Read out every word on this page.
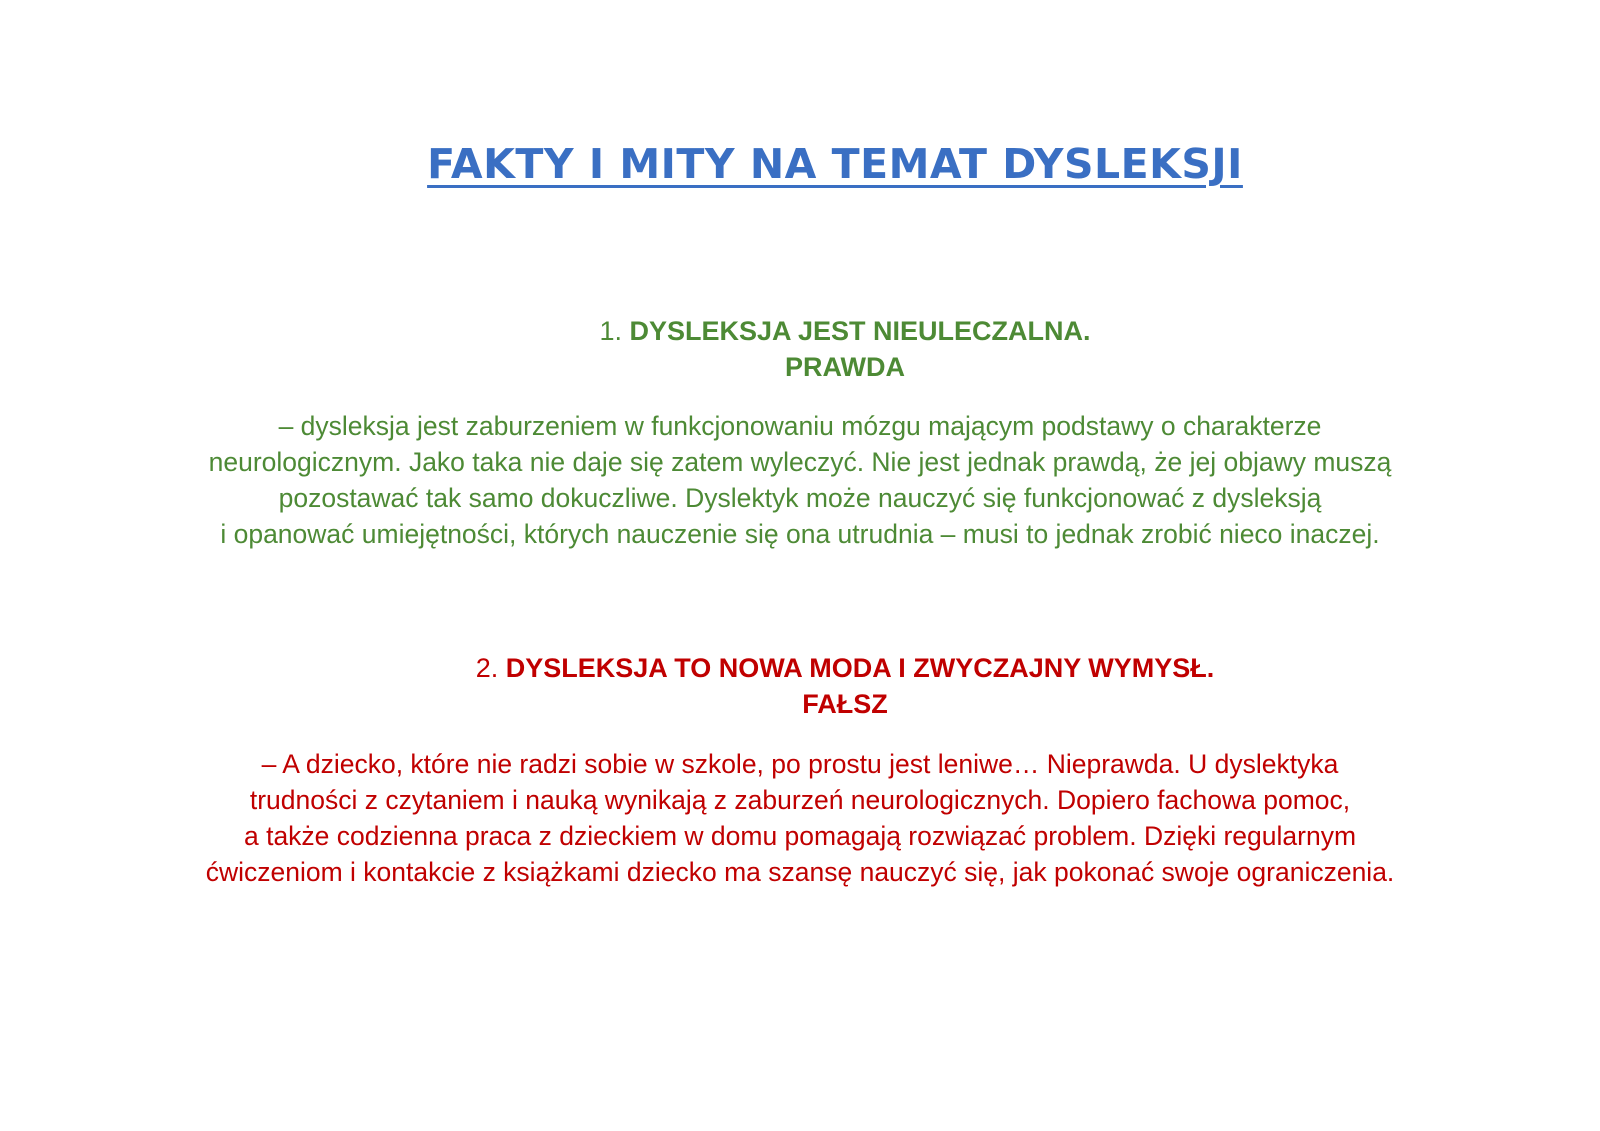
FAKTY I MITY NA TEMAT DYSLEKSJI
1. DYSLEKSJA JEST NIEULECZALNA.
PRAWDA
– dysleksja jest zaburzeniem w funkcjonowaniu mózgu mającym podstawy o charakterze
neurologicznym. Jako taka nie daje się zatem wyleczyć. Nie jest jednak prawdą, że jej objawy muszą
pozostawać tak samo dokuczliwe. Dyslektyk może nauczyć się funkcjonować z dysleksją
i opanować umiejętności, których nauczenie się ona utrudnia – musi to jednak zrobić nieco inaczej.
2. DYSLEKSJA TO NOWA MODA I ZWYCZAJNY WYMYSŁ.
FAŁSZ
– A dziecko, które nie radzi sobie w szkole, po prostu jest leniwe… Nieprawda. U dyslektyka
trudności z czytaniem i nauką wynikają z zaburzeń neurologicznych. Dopiero fachowa pomoc,
a także codzienna praca z dzieckiem w domu pomagają rozwiązać problem. Dzięki regularnym
ćwiczeniom i kontakcie z książkami dziecko ma szansę nauczyć się, jak pokonać swoje ograniczenia.
